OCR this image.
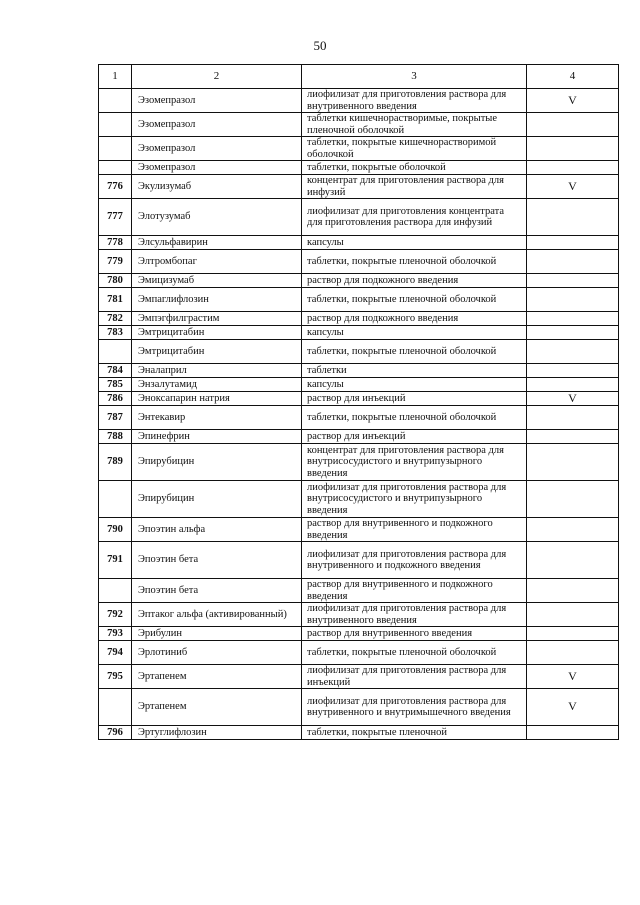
50
1	2	3	4
	Эзомепразол	лиофилизат для приготовления раствора для внутривенного введения	V
	Эзомепразол	таблетки кишечнорастворимые, покрытые пленочной оболочкой	
	Эзомепразол	таблетки, покрытые кишечнорастворимой оболочкой	
	Эзомепразол	таблетки, покрытые оболочкой	
776	Экулизумаб	концентрат для приготовления раствора для инфузий	V
777	Элотузумаб	лиофилизат для приготовления концентрата для приготовления раствора для инфузий	
778	Элсульфавирин	капсулы	
779	Элтромбопаг	таблетки, покрытые пленочной оболочкой	
780	Эмицизумаб	раствор для подкожного введения	
781	Эмпаглифлозин	таблетки, покрытые пленочной оболочкой	
782	Эмпэгфилграстим	раствор для подкожного введения	
783	Эмтрицитабин	капсулы	
	Эмтрицитабин	таблетки, покрытые пленочной оболочкой	
784	Эналаприл	таблетки	
785	Энзалутамид	капсулы	
786	Эноксапарин натрия	раствор для инъекций	V
787	Энтекавир	таблетки, покрытые пленочной оболочкой	
788	Эпинефрин	раствор для инъекций	
789	Эпирубицин	концентрат для приготовления раствора для внутрисосудистого и внутрипузырного введения	
	Эпирубицин	лиофилизат для приготовления раствора для внутрисосудистого и внутрипузырного введения	
790	Эпоэтин альфа	раствор для внутривенного и подкожного введения	
791	Эпоэтин бета	лиофилизат для приготовления раствора для внутривенного и подкожного введения	
	Эпоэтин бета	раствор для внутривенного и подкожного введения	
792	Эптаког альфа (активированный)	лиофилизат для приготовления раствора для внутривенного введения	
793	Эрибулин	раствор для внутривенного введения	
794	Эрлотиниб	таблетки, покрытые пленочной оболочкой	
795	Эртапенем	лиофилизат для приготовления раствора для инъекций	V
	Эртапенем	лиофилизат для приготовления раствора для внутривенного и внутримышечного введения	V
796	Эртуглифлозин	таблетки, покрытые пленочной	
